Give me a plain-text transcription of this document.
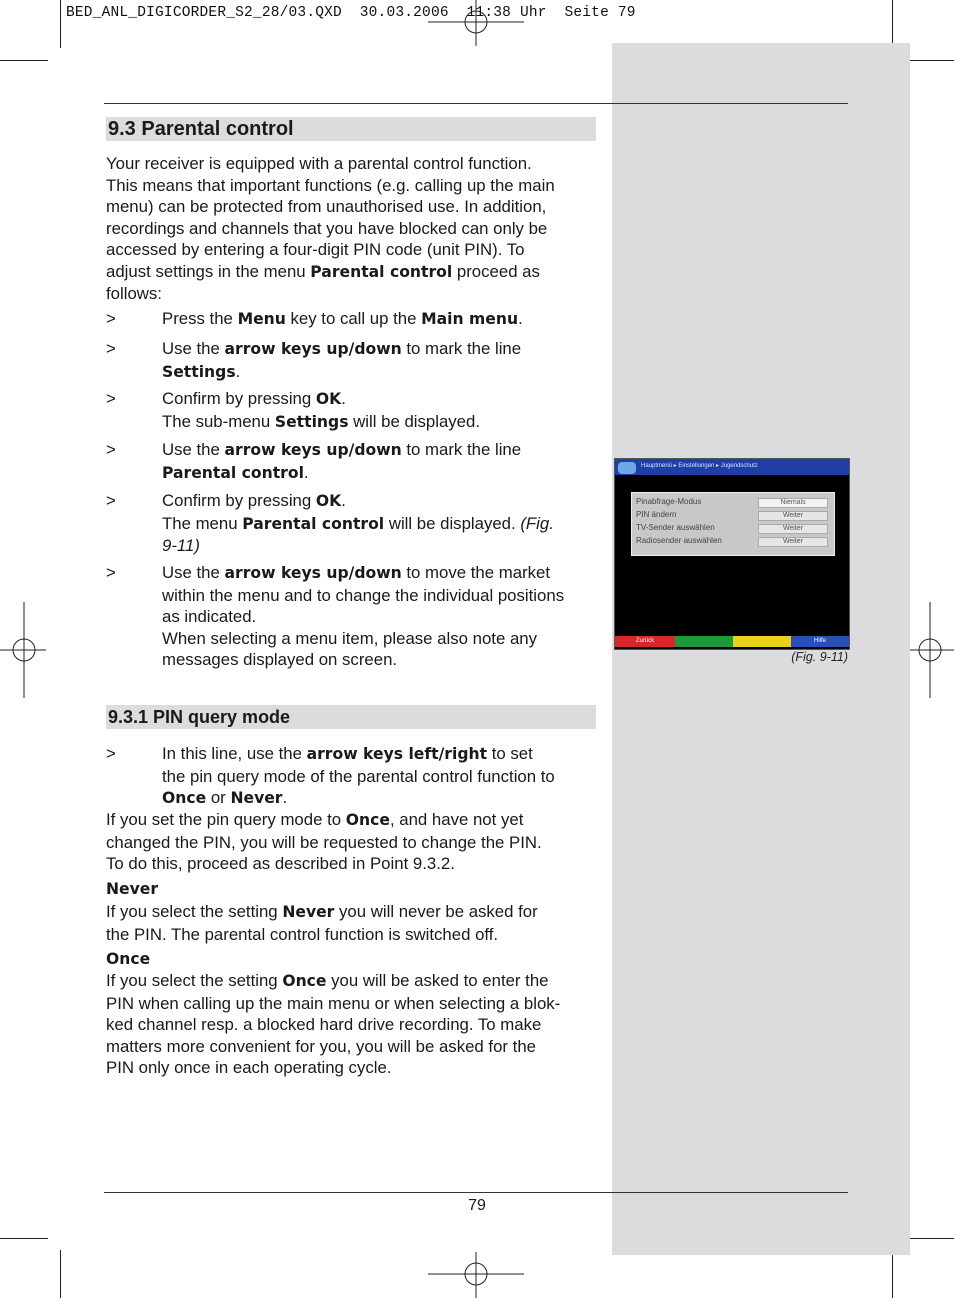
BED_ANL_DIGICORDER_S2_28/03.QXD  30.03.2006  11:38 Uhr  Seite 79
9.3 Parental control
Your receiver is equipped with a parental control function.
This means that important functions (e.g. calling up the main
menu) can be protected from unauthorised use. In addition,
recordings and channels that you have blocked can only be
accessed by entering a four-digit PIN code (unit PIN). To
adjust settings in the menu Parental control proceed as
follows:
>	Press the Menu key to call up the Main menu.
>	Use the arrow keys up/down to mark the line
Settings.
>	Confirm by pressing OK.
The sub-menu Settings will be displayed.
>	Use the arrow keys up/down to mark the line
Parental control.
>	Confirm by pressing OK.
The menu Parental control will be displayed. (Fig.
9-11)
>	Use the arrow keys up/down to move the market
within the menu and to change the individual positions
as indicated.
When selecting a menu item, please also note any
messages displayed on screen.
Hauptmenü ▸ Einstellungen ▸ Jugendschutz
Pinabfrage-Modus	Niemals
PIN ändern	Weiter
TV-Sender auswählen	Weiter
Radiosender auswählen	Weiter
Zurück	Hilfe
(Fig. 9-11)
9.3.1 PIN query mode
>	In this line, use the arrow keys left/right to set
the pin query mode of the parental control function to
Once or Never.
If you set the pin query mode to Once, and have not yet
changed the PIN, you will be requested to change the PIN.
To do this, proceed as described in Point 9.3.2.
Never
If you select the setting Never you will never be asked for
the PIN. The parental control function is switched off.
Once
If you select the setting Once you will be asked to enter the
PIN when calling up the main menu or when selecting a blok-
ked channel resp. a blocked hard drive recording. To make
matters more convenient for you, you will be asked for the
PIN only once in each operating cycle.
79
